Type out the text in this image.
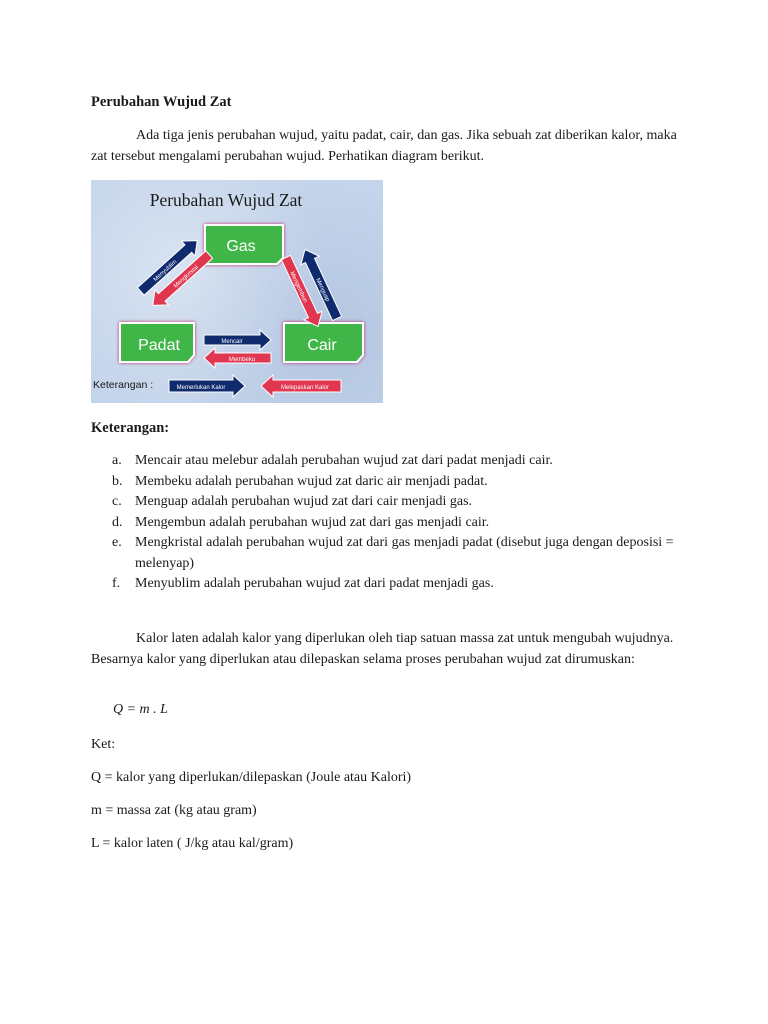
Perubahan Wujud Zat
Ada tiga jenis perubahan wujud, yaitu padat, cair, dan gas. Jika sebuah zat diberikan kalor, maka zat tersebut mengalami perubahan wujud. Perhatikan diagram berikut.
Perubahan Wujud Zat
Gas
Padat	Cair
Menyublim
Mengkristal
Menguap
Mengembun
Mencair
Membeku
Keterangan :	Memerlukan Kalor	Melepaskan Kalor
Keterangan:
a. Mencair atau melebur adalah perubahan wujud zat dari padat menjadi cair.
b. Membeku adalah perubahan wujud zat daric air menjadi padat.
c. Menguap adalah perubahan wujud zat dari cair menjadi gas.
d. Mengembun adalah perubahan wujud zat dari gas menjadi cair.
e. Mengkristal adalah perubahan wujud zat dari gas menjadi padat (disebut juga dengan deposisi = melenyap)
f.	Menyublim adalah perubahan wujud zat dari padat menjadi gas.
Kalor laten adalah kalor yang diperlukan oleh tiap satuan massa zat untuk mengubah wujudnya. Besarnya kalor yang diperlukan atau dilepaskan selama proses perubahan wujud zat dirumuskan:
Q = m . L
Ket:
Q = kalor yang diperlukan/dilepaskan (Joule atau Kalori)
m = massa zat (kg atau gram)
L = kalor laten ( J/kg atau kal/gram)
